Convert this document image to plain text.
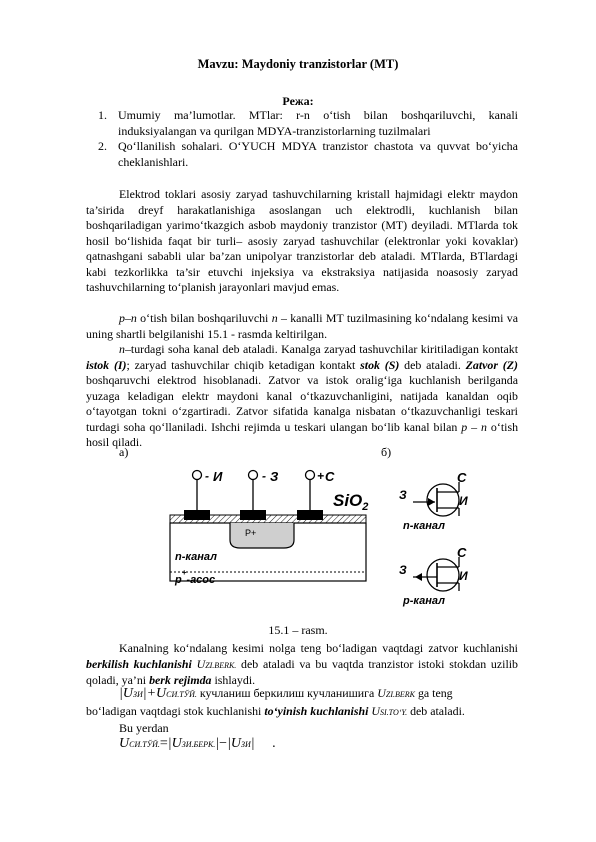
Mavzu: Maydoniy tranzistorlar (MT)
Режа:
1. Umumiy ma’lumotlar. MTlar: r-n o‘tish bilan boshqariluvchi, kanali induksiyalangan va qurilgan MDYA-tranzistorlarning tuzilmalari
2. Qo‘llanilish sohalari. O‘YUCH MDYA tranzistor chastota va quvvat bo‘yicha cheklanishlari.

Elektrod toklari asosiy zaryad tashuvchilarning kristall hajmidagi elektr maydon ta’sirida dreyf harakatlanishiga asoslangan uch elektrodli, kuchlanish bilan boshqariladigan yarimo‘tkazgich asbob maydoniy tranzistor (MT) deyiladi. MTlarda tok hosil bo‘lishida faqat bir turli– asosiy zaryad tashuvchilar (elektronlar yoki kovaklar) qatnashgani sababli ular ba’zan unipolyar tranzistorlar deb ataladi. MTlarda, BTlardagi kabi tezkorlikka ta’sir etuvchi injeksiya va ekstraksiya natijasida noasosiy zaryad tashuvchilarning to‘planish jarayonlari mavjud emas.

p–n o‘tish bilan boshqariluvchi n – kanalli MT tuzilmasining ko‘ndalang kesimi va uning shartli belgilanishi 15.1 - rasmda keltirilgan.

n–turdagi soha kanal deb ataladi. Kanalga zaryad tashuvchilar kiritiladigan kontakt istok (I); zaryad tashuvchilar chiqib ketadigan kontakt stok (S) deb ataladi. Zatvor (Z) boshqaruvchi elektrod hisoblanadi. Zatvor va istok oralig‘iga kuchlanish berilganda yuzaga keladigan elektr maydoni kanal o‘tkazuvchanligini, natijada kanaldan oqib o‘tayotgan tokni o‘zgartiradi. Zatvor sifatida kanalga nisbatan o‘tkazuvchanligi teskari turdagi soha qo‘llaniladi. Ishchi rejimda u teskari ulangan bo‘lib kanal bilan p – n o‘tish hosil qiladi.

а)	б)
- И	- З	+ С
SiO$_2$
P+
n-канал
p+-асос
С
З	И
n-канал
С
З	И
p-канал
15.1 – rasm.

Kanalning ko‘ndalang kesimi nolga teng bo‘ladigan vaqtdagi zatvor kuchlanishi berkilish kuchlanishi UZI.BERK. deb ataladi va bu vaqtda tranzistor istoki stokdan uzilib qoladi, ya’ni berk rejimda ishlaydi.

|UЗИ|+UСИ.ТЎЙ. кучланиш беркилиш кучланишига UZI.BERK ga teng
bo‘ladigan vaqtdagi stok kuchlanishi to‘yinish kuchlanishi USI.TO‘Y. deb ataladi.
Bu yerdan
UСИ.ТЎЙ.=|UЗИ.БЕРК.|−|UЗИ| .
